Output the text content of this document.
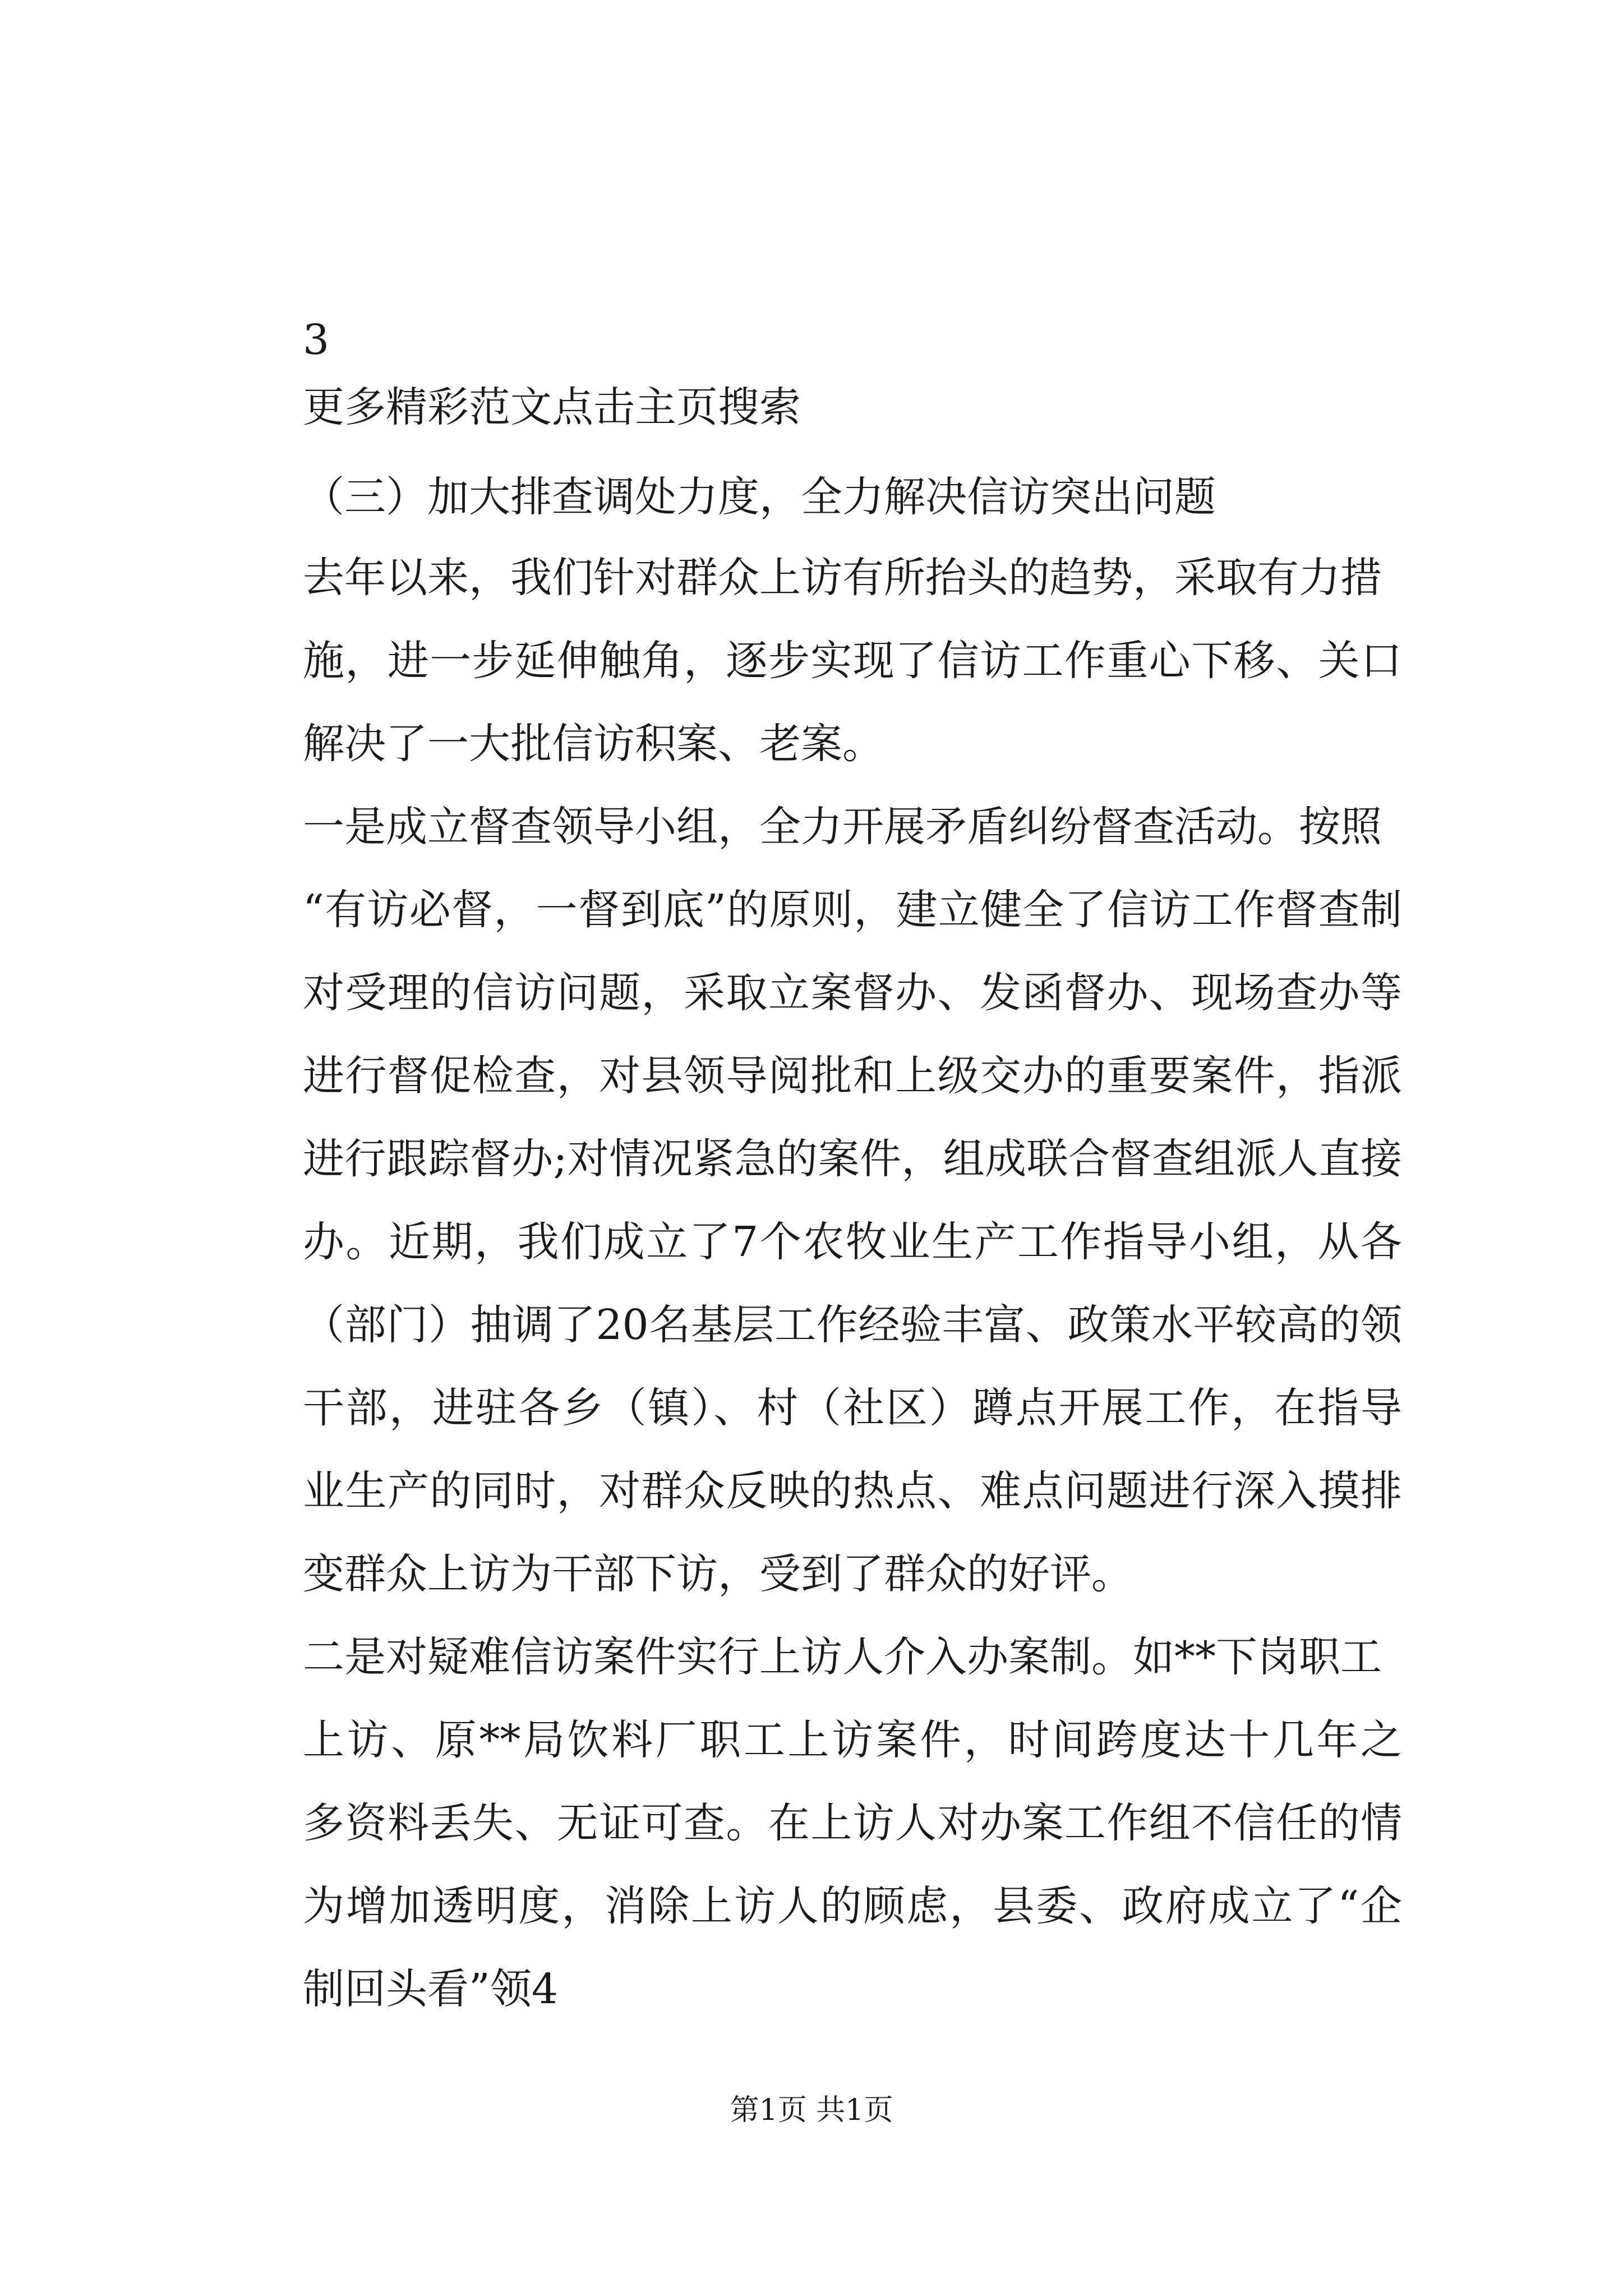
3
更多精彩范文点击主页搜索
（三）加大排查调处力度，全力解决信访突出问题
去年以来，我们针对群众上访有所抬头的趋势，采取有力措
施，进一步延伸触角，逐步实现了信访工作重心下移、关口
解决了一大批信访积案、老案。
一是成立督查领导小组，全力开展矛盾纠纷督查活动。按照
“有访必督，一督到底”的原则，建立健全了信访工作督查制
对受理的信访问题，采取立案督办、发函督办、现场查办等
进行督促检查，对县领导阅批和上级交办的重要案件，指派
进行跟踪督办;对情况紧急的案件，组成联合督查组派人直接
办。近期，我们成立了7个农牧业生产工作指导小组，从各
（部门）抽调了20名基层工作经验丰富、政策水平较高的领
干部，进驻各乡（镇）、村（社区）蹲点开展工作，在指导
业生产的同时，对群众反映的热点、难点问题进行深入摸排
变群众上访为干部下访，受到了群众的好评。
二是对疑难信访案件实行上访人介入办案制。如**下岗职工
上访、原**局饮料厂职工上访案件，时间跨度达十几年之
多资料丢失、无证可查。在上访人对办案工作组不信任的情
为增加透明度，消除上访人的顾虑，县委、政府成立了“企
制回头看”领4
第1页 共1页
